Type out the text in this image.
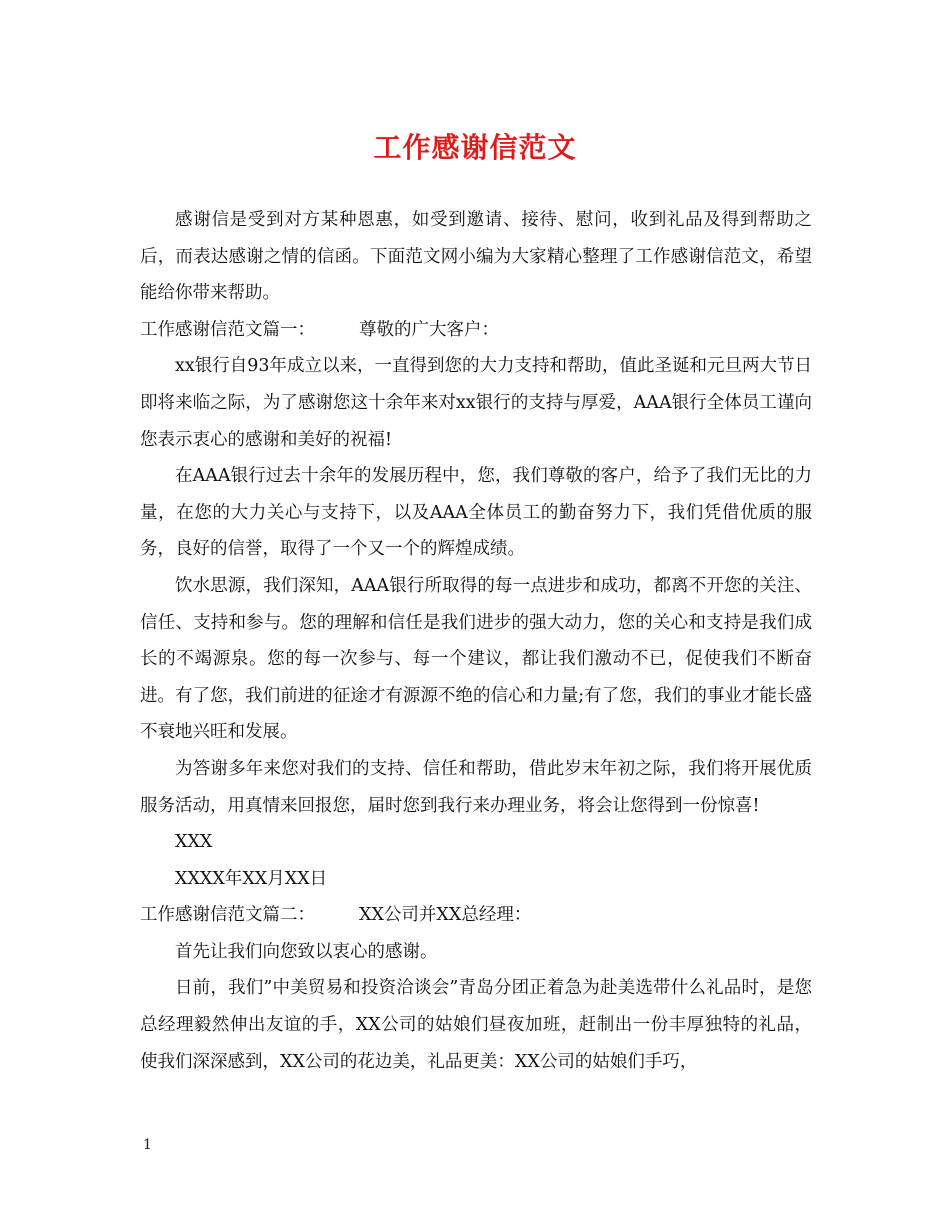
工作感谢信范文

感谢信是受到对方某种恩惠，如受到邀请、接待、慰问，收到礼品及得到帮助之后，而表达感谢之情的信函。下面范文网小编为大家精心整理了工作感谢信范文，希望能给你带来帮助。

工作感谢信范文篇一：	尊敬的广大客户：

xx银行自93年成立以来，一直得到您的大力支持和帮助，值此圣诞和元旦两大节日即将来临之际，为了感谢您这十余年来对xx银行的支持与厚爱，AAA银行全体员工谨向您表示衷心的感谢和美好的祝福!

在AAA银行过去十余年的发展历程中，您，我们尊敬的客户，给予了我们无比的力量，在您的大力关心与支持下，以及AAA全体员工的勤奋努力下，我们凭借优质的服务，良好的信誉，取得了一个又一个的辉煌成绩。

饮水思源，我们深知，AAA银行所取得的每一点进步和成功，都离不开您的关注、信任、支持和参与。您的理解和信任是我们进步的强大动力，您的关心和支持是我们成长的不竭源泉。您的每一次参与、每一个建议，都让我们激动不已，促使我们不断奋进。有了您，我们前进的征途才有源源不绝的信心和力量;有了您，我们的事业才能长盛不衰地兴旺和发展。

为答谢多年来您对我们的支持、信任和帮助，借此岁末年初之际，我们将开展优质服务活动，用真情来回报您，届时您到我行来办理业务，将会让您得到一份惊喜!

XXX

XXXX年XX月XX日

工作感谢信范文篇二：	XX公司并XX总经理：

首先让我们向您致以衷心的感谢。

日前，我们”中美贸易和投资洽谈会”青岛分团正着急为赴美选带什么礼品时，是您总经理毅然伸出友谊的手，XX公司的姑娘们昼夜加班，赶制出一份丰厚独特的礼品，使我们深深感到，XX公司的花边美，礼品更美：XX公司的姑娘们手巧，

1
